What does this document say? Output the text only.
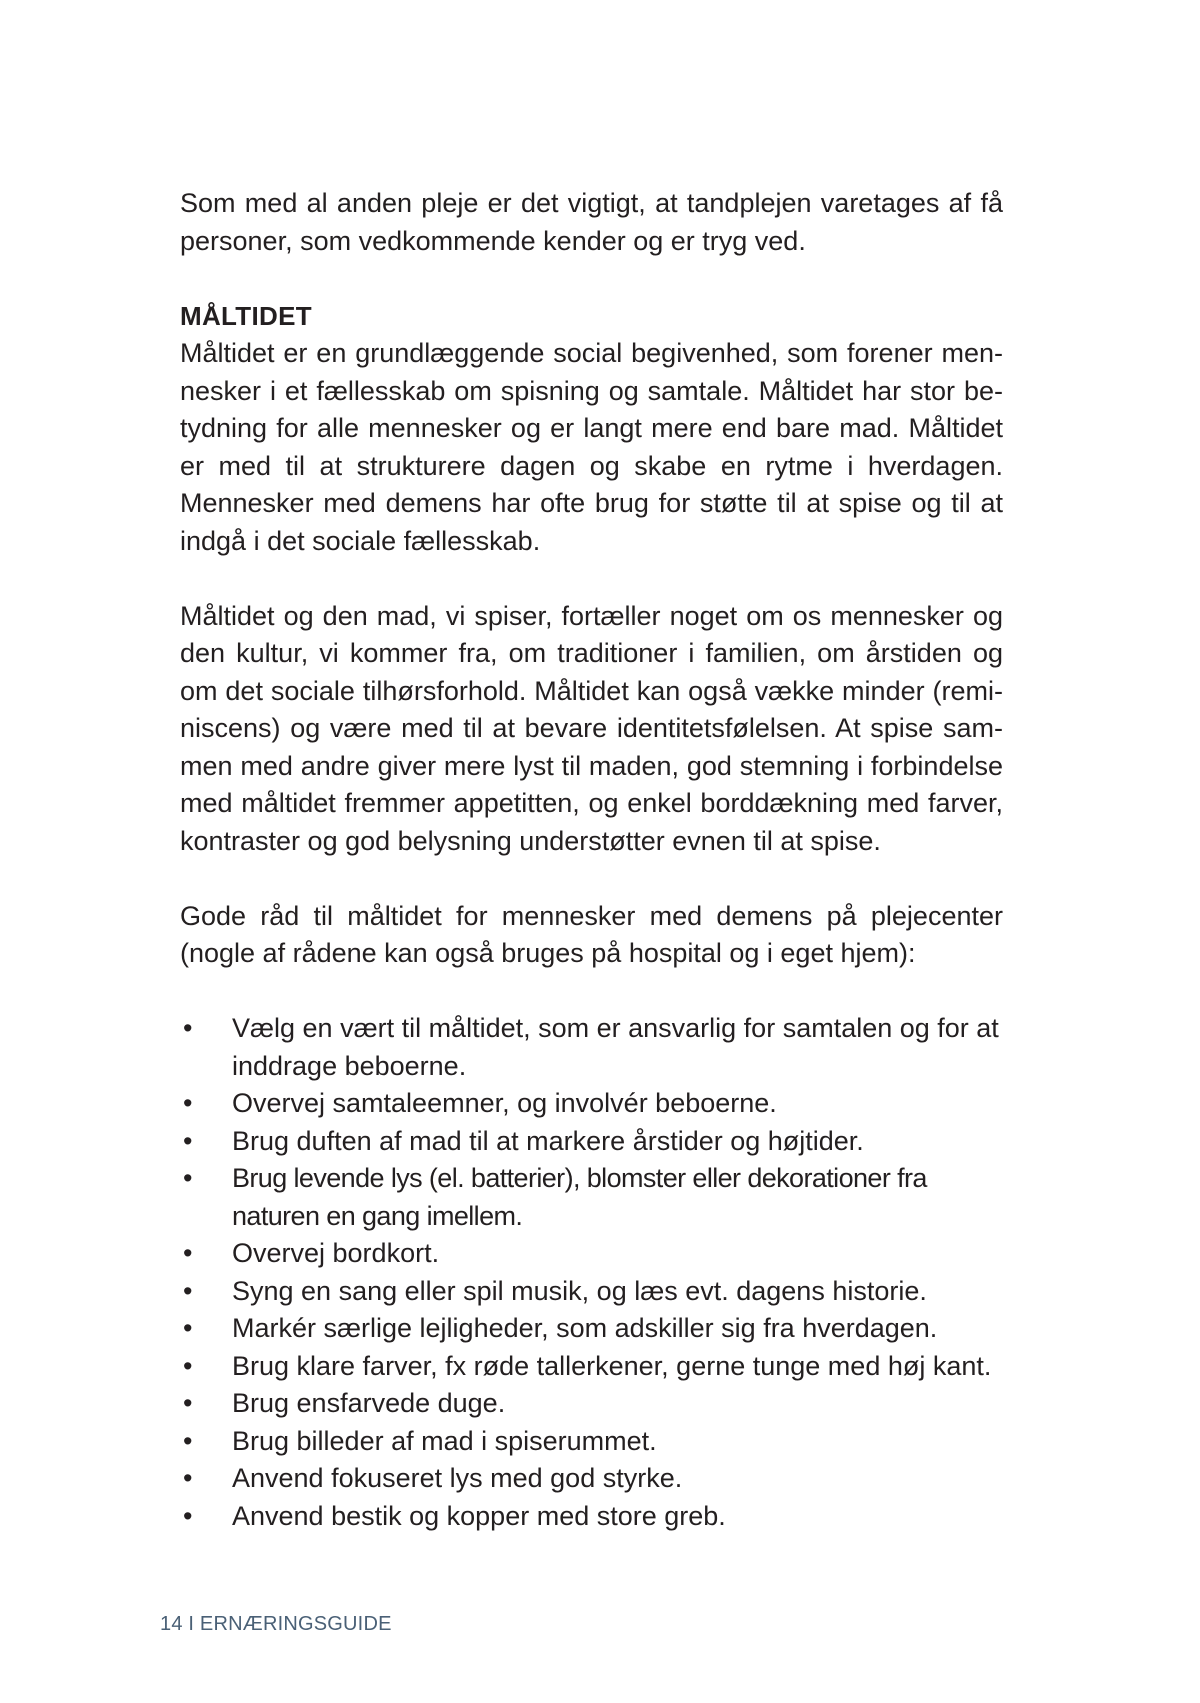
Som med al anden pleje er det vigtigt, at tandplejen varetages af få personer, som vedkommende kender og er tryg ved.

MÅLTIDET

Måltidet er en grundlæggende social begivenhed, som forener mennesker i et fællesskab om spisning og samtale. Måltidet har stor betydning for alle mennesker og er langt mere end bare mad. Måltidet er med til at strukturere dagen og skabe en rytme i hverdagen. Mennesker med demens har ofte brug for støtte til at spise og til at indgå i det sociale fællesskab.

Måltidet og den mad, vi spiser, fortæller noget om os mennesker og den kultur, vi kommer fra, om traditioner i familien, om årstiden og om det sociale tilhørsforhold. Måltidet kan også vække minder (reminiscens) og være med til at bevare identitetsfølelsen. At spise sammen med andre giver mere lyst til maden, god stemning i forbindelse med måltidet fremmer appetitten, og enkel borddækning med farver, kontraster og god belysning understøtter evnen til at spise.

Gode råd til måltidet for mennesker med demens på plejecenter (nogle af rådene kan også bruges på hospital og i eget hjem):

•	Vælg en vært til måltidet, som er ansvarlig for samtalen og for at inddrage beboerne.
•	Overvej samtaleemner, og involvér beboerne.
•	Brug duften af mad til at markere årstider og højtider.
•	Brug levende lys (el. batterier), blomster eller dekorationer fra naturen en gang imellem.
•	Overvej bordkort.
•	Syng en sang eller spil musik, og læs evt. dagens historie.
•	Markér særlige lejligheder, som adskiller sig fra hverdagen.
•	Brug klare farver, fx røde tallerkener, gerne tunge med høj kant.
•	Brug ensfarvede duge.
•	Brug billeder af mad i spiserummet.
•	Anvend fokuseret lys med god styrke.
•	Anvend bestik og kopper med store greb.
14 I ERNÆRINGSGUIDE
